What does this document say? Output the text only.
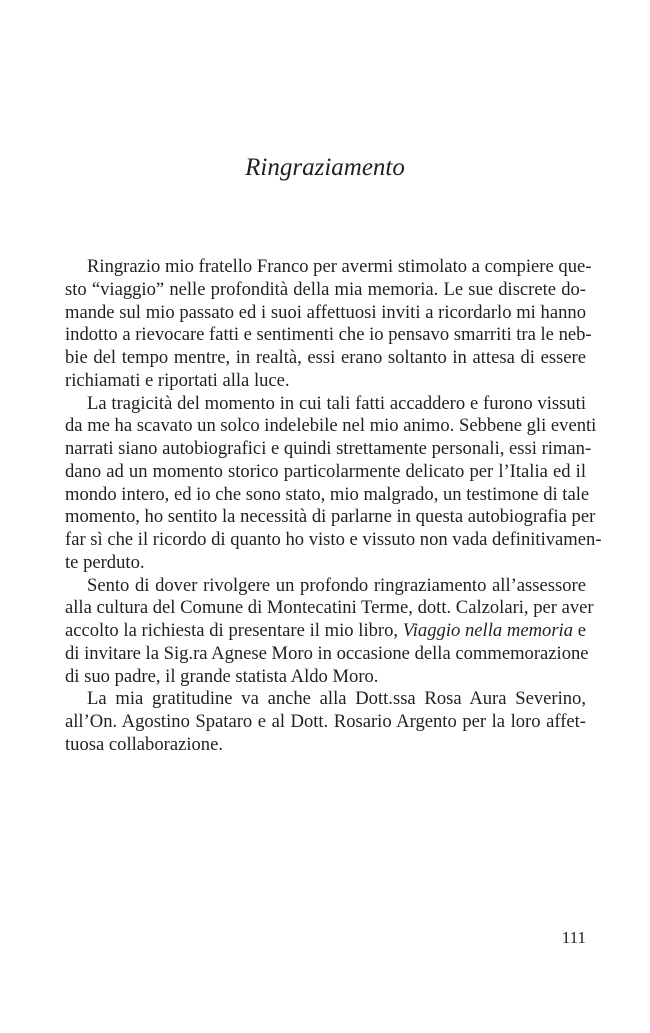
Ringraziamento
Ringrazio mio fratello Franco per avermi stimolato a compiere que-
sto “viaggio” nelle profondità della mia memoria. Le sue discrete do-
mande sul mio passato ed i suoi affettuosi inviti a ricordarlo mi hanno
indotto a rievocare fatti e sentimenti che io pensavo smarriti tra le neb-
bie del tempo mentre, in realtà, essi erano soltanto in attesa di essere
richiamati e riportati alla luce.
La tragicità del momento in cui tali fatti accaddero e furono vissuti
da me ha scavato un solco indelebile nel mio animo. Sebbene gli eventi
narrati siano autobiografici e quindi strettamente personali, essi riman-
dano ad un momento storico particolarmente delicato per l’Italia ed il
mondo intero, ed io che sono stato, mio malgrado, un testimone di tale
momento, ho sentito la necessità di parlarne in questa autobiografia per
far sì che il ricordo di quanto ho visto e vissuto non vada definitivamen-
te perduto.
Sento di dover rivolgere un profondo ringraziamento all’assessore
alla cultura del Comune di Montecatini Terme, dott. Calzolari, per aver
accolto la richiesta di presentare il mio libro, Viaggio nella memoria e
di invitare la Sig.ra Agnese Moro in occasione della commemorazione
di suo padre, il grande statista Aldo Moro.
La mia gratitudine va anche alla Dott.ssa Rosa Aura Severino,
all’On. Agostino Spataro e al Dott. Rosario Argento per la loro affet-
tuosa collaborazione.
111
